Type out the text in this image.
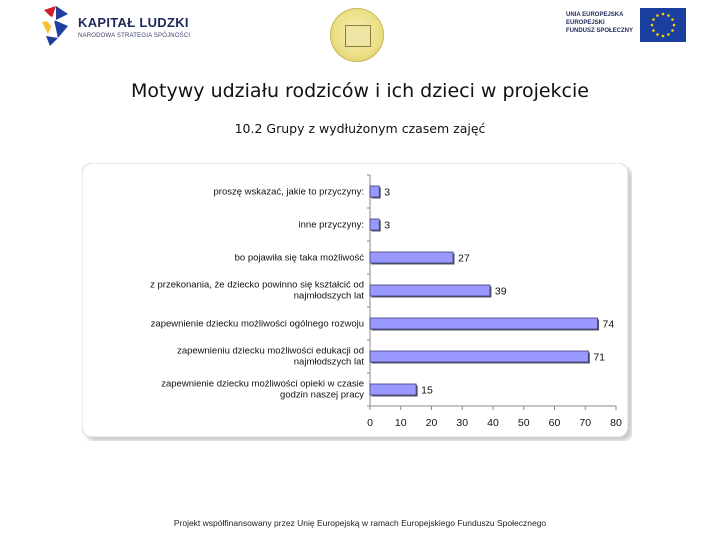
KAPITAŁ LUDZKI
NARODOWA STRATEGIA SPÓJNOŚCI
UNIA EUROPEJSKA
EUROPEJSKI
FUNDUSZ SPOŁECZNY
Motywy udziału rodziców i ich dzieci w projekcie
10.2 Grupy z wydłużonym czasem zajęć
proszę wskazać, jakie to przyczyny: 3
inne przyczyny: 3
bo pojawiła się taka możliwość	27
z przekonania, że dziecko powinno się kształcić od najmłodszych lat	39
zapewnienie dziecku możliwości ogólnego rozwoju	74
zapewnieniu dziecku możliwości edukacji od najmłodszych lat	71
zapewnienie dziecku możliwości opieki w czasie godzin naszej pracy	15
0 10 20 30 40 50 60 70 80
Projekt współfinansowany przez Unię Europejską w ramach Europejskiego Funduszu Społecznego
